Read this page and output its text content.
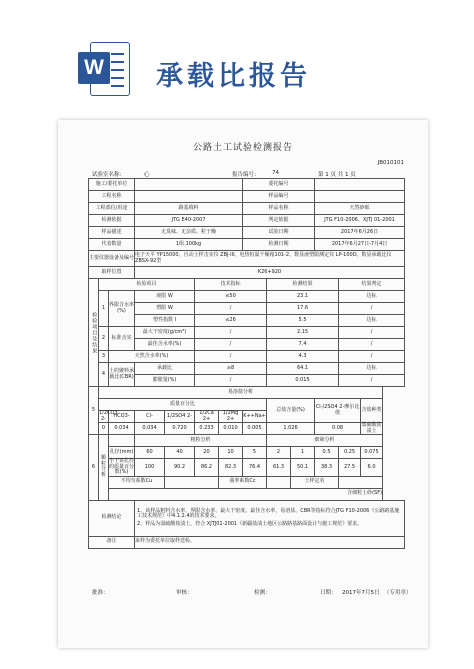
W 承载比报告
公路土工试验检测报告
JB010101
试验室名称：	心	报告编号： 74	第 1 页 共 1 页
施工/委托单位							委托编号					
工程名称							样品编号					
工程部位/用途			路基填料				样品名称			天然砂砾		
检测依据			JTG E40-2007				判定依据			JTG F10-2006、XJTJ 01-2001		
样品描述			无臭味、无杂质、粒于燥				试验日期			2017年6月26日		
代表数量			1组 100kg				检测日期			2017年6月27日-7月4日		
主要仪器设备及编号			电子天平 YP15000、自动土样击实仪 ZBJ-III、电热恒温干燥箱101-2、数显液塑限测定仪 LP-100D、数显承载比仪 ZBSX-92型									
取样位置			K26+920									
检验项目及结果	检验项目				技术指标			检测结果			结果判定	
	1	界限含水率(%)	液限 W		≤50			23.1			达标	
			塑限 W		/			17.6			/	
			塑性指数 I		≤26			5.5			达标	
	2	标准击实	最大干密度(g/cm³)		/			2.15			/	
			最佳含水率(%)		/			7.4			/	
	3	天然含水率(%)			/			4.3			/	
	4	土的聚料承载比(CBR)	承载比		≥8			64.1			达标	
			膨胀量(%)		/			0.015			/	
5	易溶盐分析											
	质量百分比							总盐含量(%)		Cl-/2SO4 2-摩尔比值		含盐种类
	1/2CO3 2-	HCO3-	Cl-	1/2SO4 2-	1/2Ca 2+	1/2Mg 2+	K++Na+					
	0	0.034	0.034	0.720	0.233	0.010	0.005	1.026		0.08		弱硫酸盐渍土
6	颗粒分析		粗粒分析					细筛分析				
		孔径(mm)	60	40	20	10	5	2	1	0.5	0.25	0.075
		小于该孔径的质量百分数(%)	100	90.2	86.2	82.3	76.4	61.3	50.1	38.3	27.5	6.0
		不均匀系数Cu				曲率系数Cc			土样定名			
		含细粒土砂(SF)										
检测结论			1、该样品粗料含水率、界限含水率、最大干密度、最佳含水率，易溶盐、CBR等指标符合JTG F10-2006《公路路基施工技术规范》中4.1.2.4的技术要求。
2、样品为弱硫酸盐渍土，符合 XJTJ01-2001《新疆盐渍土地区公路路基路面设计与施工规范》要求。									

备注			来样为委托单位取样送检。									
批准：	审核：	检测：	日期： 2017年7月5日 （专用章）
